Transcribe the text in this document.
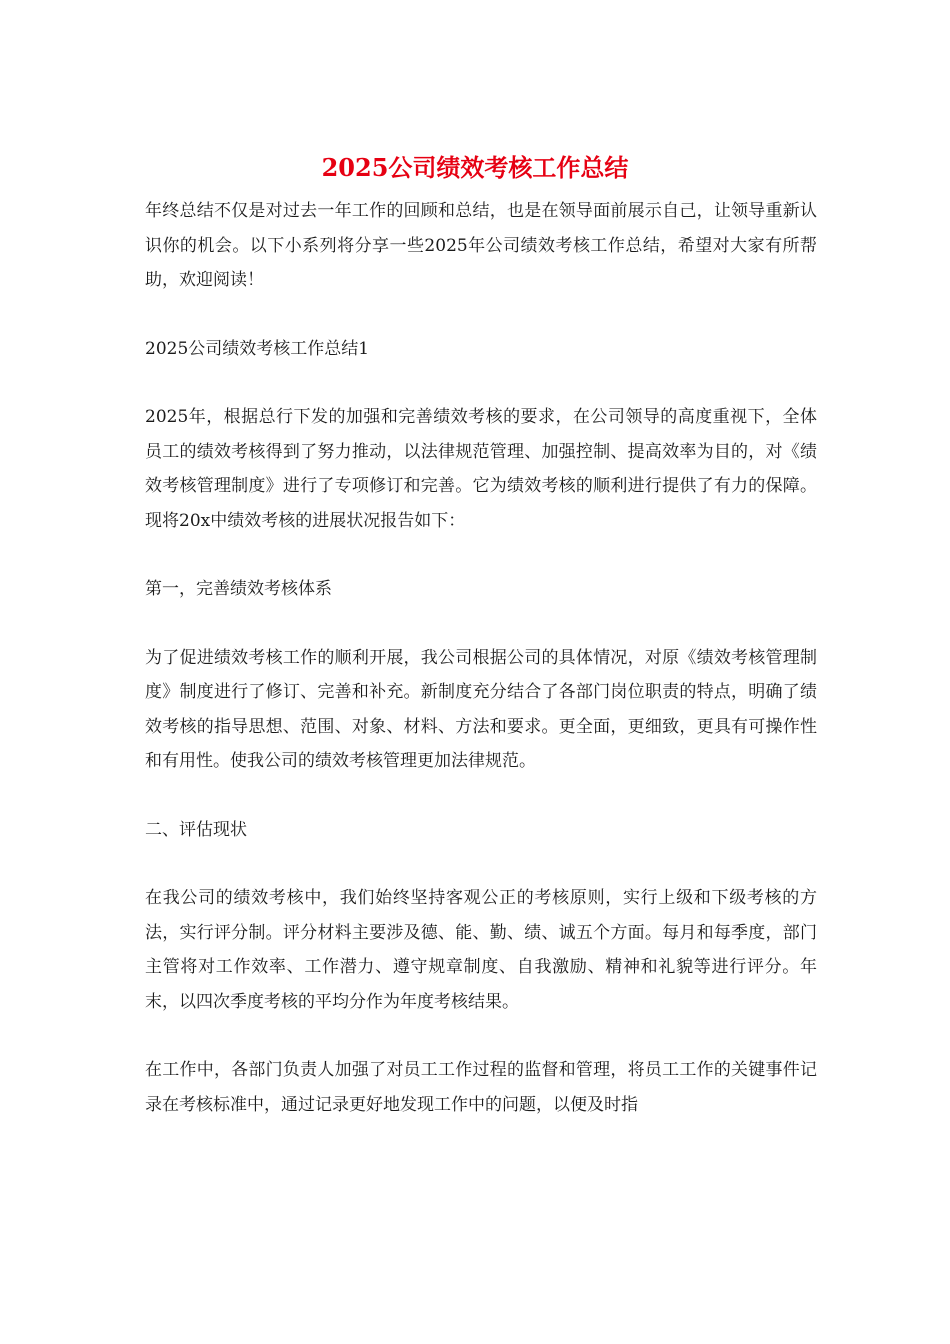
2025公司绩效考核工作总结

年终总结不仅是对过去一年工作的回顾和总结，也是在领导面前展示自己，让领导重新认识你的机会。以下小系列将分享一些2025年公司绩效考核工作总结，希望对大家有所帮助，欢迎阅读！

2025公司绩效考核工作总结1

2025年，根据总行下发的加强和完善绩效考核的要求，在公司领导的高度重视下，全体员工的绩效考核得到了努力推动，以法律规范管理、加强控制、提高效率为目的，对《绩效考核管理制度》进行了专项修订和完善。它为绩效考核的顺利进行提供了有力的保障。现将20x中绩效考核的进展状况报告如下：

第一，完善绩效考核体系

为了促进绩效考核工作的顺利开展，我公司根据公司的具体情况，对原《绩效考核管理制度》制度进行了修订、完善和补充。新制度充分结合了各部门岗位职责的特点，明确了绩效考核的指导思想、范围、对象、材料、方法和要求。更全面，更细致，更具有可操作性和有用性。使我公司的绩效考核管理更加法律规范。

二、评估现状

在我公司的绩效考核中，我们始终坚持客观公正的考核原则，实行上级和下级考核的方法，实行评分制。评分材料主要涉及德、能、勤、绩、诚五个方面。每月和每季度，部门主管将对工作效率、工作潜力、遵守规章制度、自我激励、精神和礼貌等进行评分。年末，以四次季度考核的平均分作为年度考核结果。

在工作中，各部门负责人加强了对员工工作过程的监督和管理，将员工工作的关键事件记录在考核标准中，通过记录更好地发现工作中的问题，以便及时指
